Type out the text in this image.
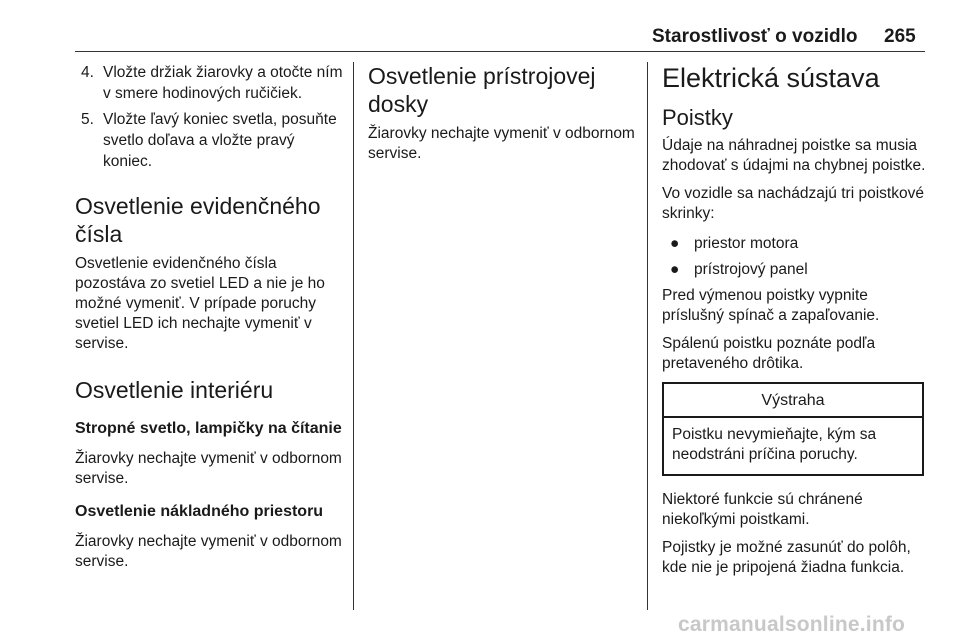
Starostlivosť o vozidlo 265
4. Vložte držiak žiarovky a otočte ním v smere hodinových ručičiek.
5. Vložte ľavý koniec svetla, posuňte svetlo doľava a vložte pravý koniec.
Osvetlenie evidenčného čísla

Osvetlenie evidenčného čísla pozostáva zo svetiel LED a nie je ho možné vymeniť. V prípade poruchy svetiel LED ich nechajte vymeniť v servise.

Osvetlenie interiéru
Stropné svetlo, lampičky na čítanie

Žiarovky nechajte vymeniť v odbornom servise.

Osvetlenie nákladného priestoru

Žiarovky nechajte vymeniť v odbornom servise.

Osvetlenie prístrojovej dosky

Žiarovky nechajte vymeniť v odbornom servise.

Elektrická sústava
Poistky

Údaje na náhradnej poistke sa musia zhodovať s údajmi na chybnej poistke.

Vo vozidle sa nachádzajú tri poistkové skrinky:

● priestor motora
● prístrojový panel

Pred výmenou poistky vypnite príslušný spínač a zapaľovanie.

Spálenú poistku poznáte podľa pretaveného drôtika.

Výstraha
Poistku nevymieňajte, kým sa neodstráni príčina poruchy.

Niektoré funkcie sú chránené niekoľkými poistkami.

Pojistky je možné zasunúť do polôh, kde nie je pripojená žiadna funkcia.

carmanualsonline.info
